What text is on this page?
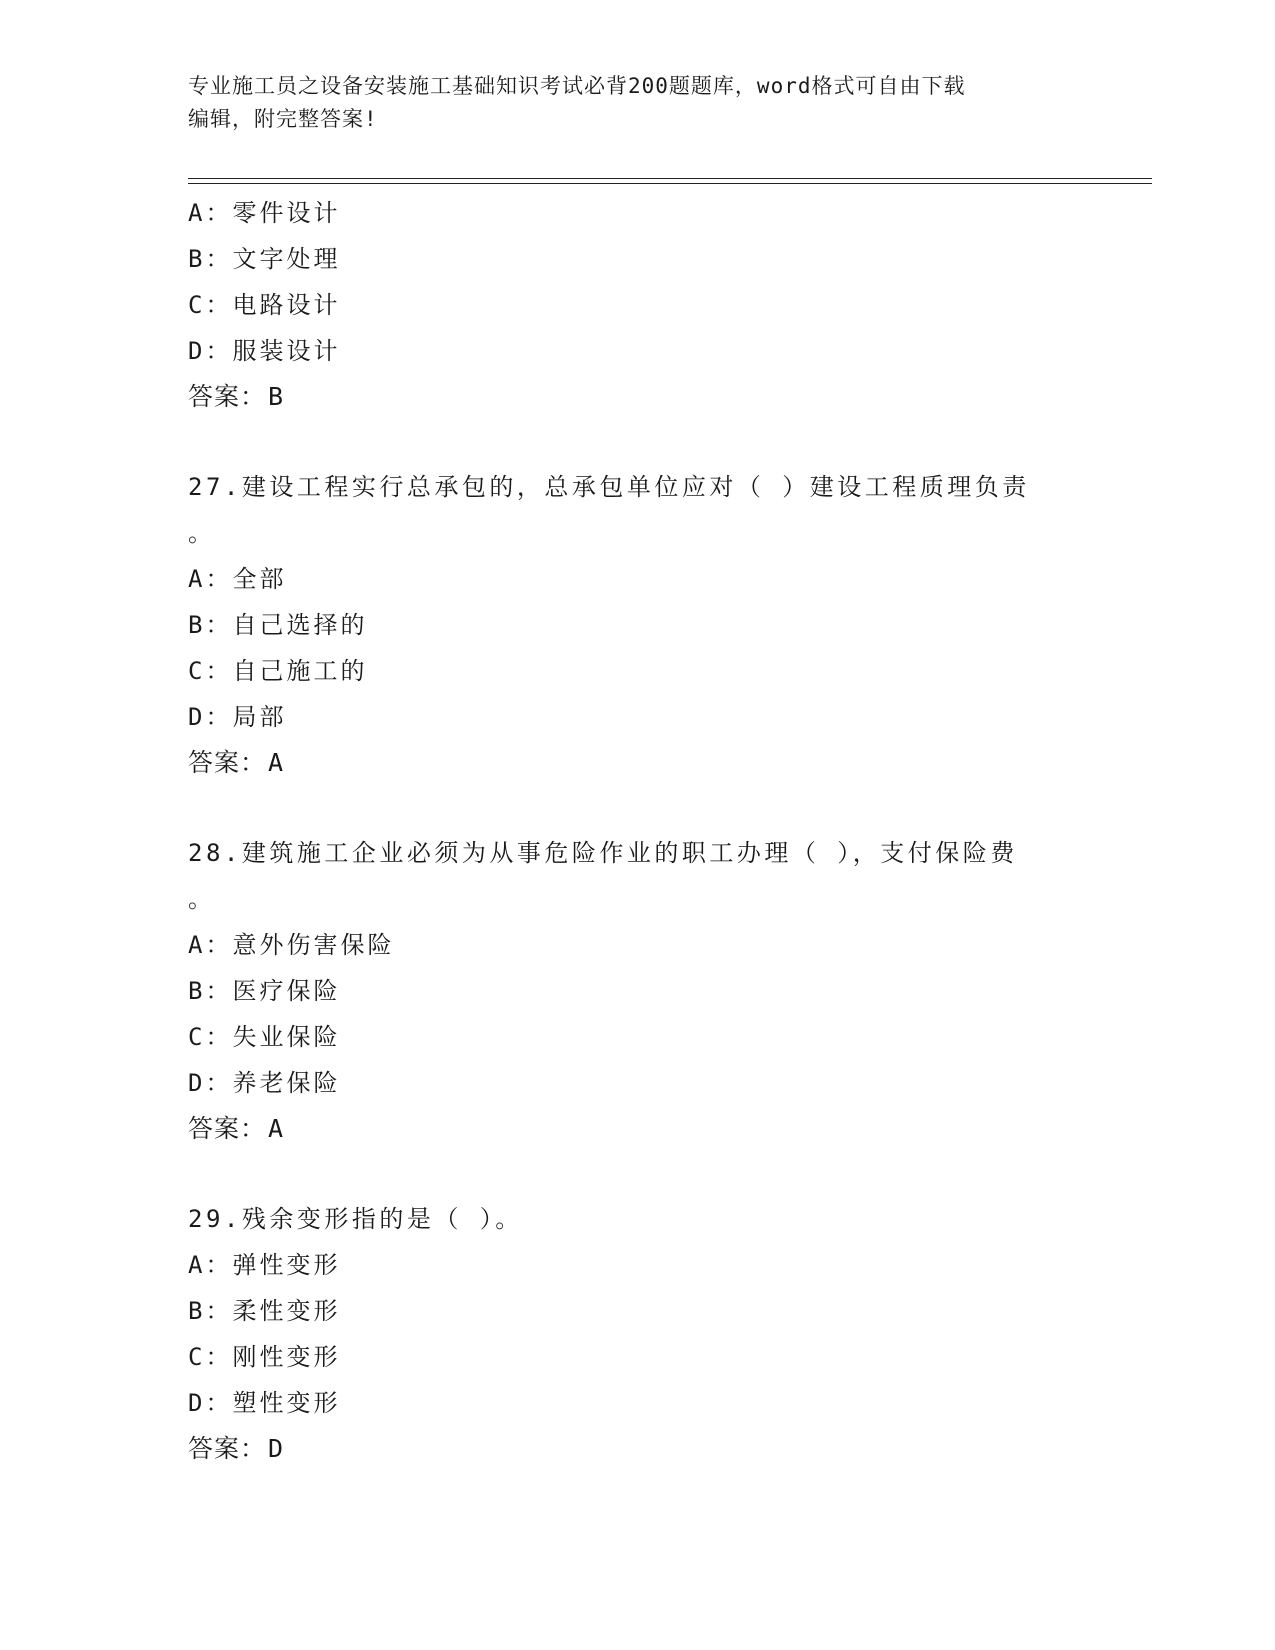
专业施工员之设备安装施工基础知识考试必背200题题库，word格式可自由下载
编辑，附完整答案!
A：零件设计
B：文字处理
C：电路设计
D：服装设计
答案：B
27.建设工程实行总承包的，总承包单位应对（ ）建设工程质理负责
。
A：全部
B：自己选择的
C：自己施工的
D：局部
答案：A
28.建筑施工企业必须为从事危险作业的职工办理（ ），支付保险费
。
A：意外伤害保险
B：医疗保险
C：失业保险
D：养老保险
答案：A
29.残余变形指的是（ ）。
A：弹性变形
B：柔性变形
C：刚性变形
D：塑性变形
答案：D
